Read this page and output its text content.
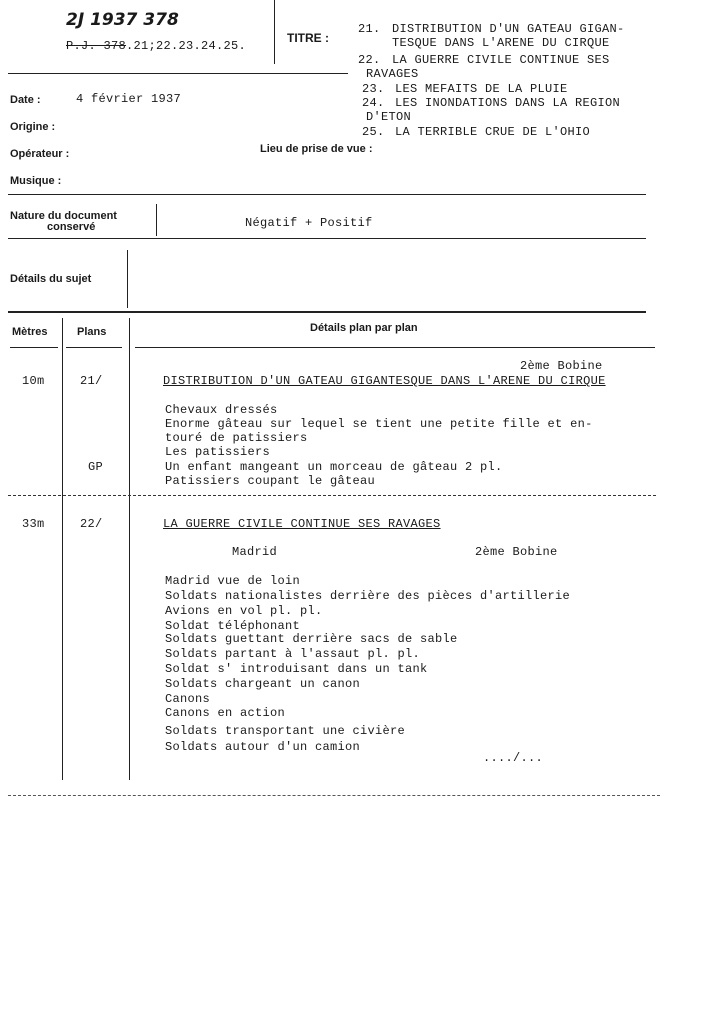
2J 1937 378
P.J. 378.21;22.23.24.25.
TITRE :
21. DISTRIBUTION D'UN GATEAU GIGAN-
TESQUE DANS L'ARENE DU CIRQUE
22. LA GUERRE CIVILE CONTINUE SES
RAVAGES
23. LES MEFAITS DE LA PLUIE
24. LES INONDATIONS DANS LA REGION
D'ETON
25. LA TERRIBLE CRUE DE L'OHIO
Date :	4 février 1937
Origine :
Opérateur :	Lieu de prise de vue :
Musique :
Nature du document
conservé	Négatif + Positif
Détails du sujet
Mètres	Plans	Détails plan par plan
2ème Bobine
10m	21/	DISTRIBUTION D'UN GATEAU GIGANTESQUE DANS L'ARENE DU CIRQUE
Chevaux dressés
Enorme gâteau sur lequel se tient une petite fille et en-
touré de patissiers
Les patissiers
GP	Un enfant mangeant un morceau de gâteau 2 pl.
Patissiers coupant le gâteau
33m	22/	LA GUERRE CIVILE CONTINUE SES RAVAGES
Madrid	2ème Bobine
Madrid vue de loin
Soldats nationalistes derrière des pièces d'artillerie
Avions en vol pl. pl.
Soldat téléphonant
Soldats guettant derrière sacs de sable
Soldats partant à l'assaut pl. pl.
Soldat s' introduisant dans un tank
Soldats chargeant un canon
Canons
Canons en action
Soldats transportant une civière
Soldats autour d'un camion
..../...
